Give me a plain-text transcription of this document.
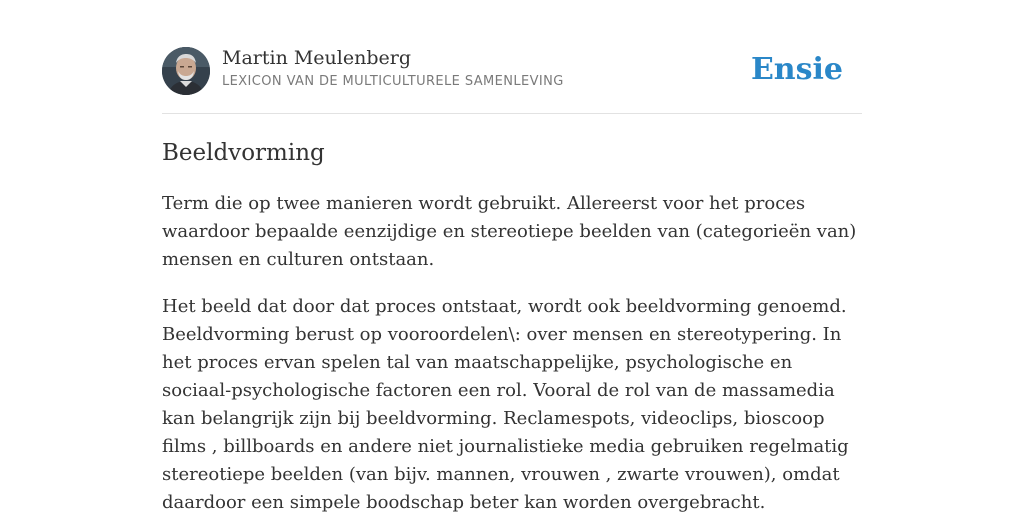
Martin Meulenberg
LEXICON VAN DE MULTICULTURELE SAMENLEVING	Ensie
Beeldvorming

Term die op twee manieren wordt gebruikt. Allereerst voor het proces waardoor bepaalde eenzijdige en stereotiepe beelden van (categorieën van) mensen en culturen ontstaan.

Het beeld dat door dat proces ontstaat, wordt ook beeldvorming genoemd. Beeldvorming berust op vooroordelen\: over mensen en stereotypering. In het proces ervan spelen tal van maatschappelijke, psychologische en sociaal-psychologische factoren een rol. Vooral de rol van de massamedia kan belangrijk zijn bij beeldvorming. Reclamespots, videoclips, bioscoop films , billboards en andere niet journalistieke media gebruiken regelmatig stereotiepe beelden (van bijv. mannen, vrouwen , zwarte vrouwen), omdat daardoor een simpele boodschap beter kan worden overgebracht.
